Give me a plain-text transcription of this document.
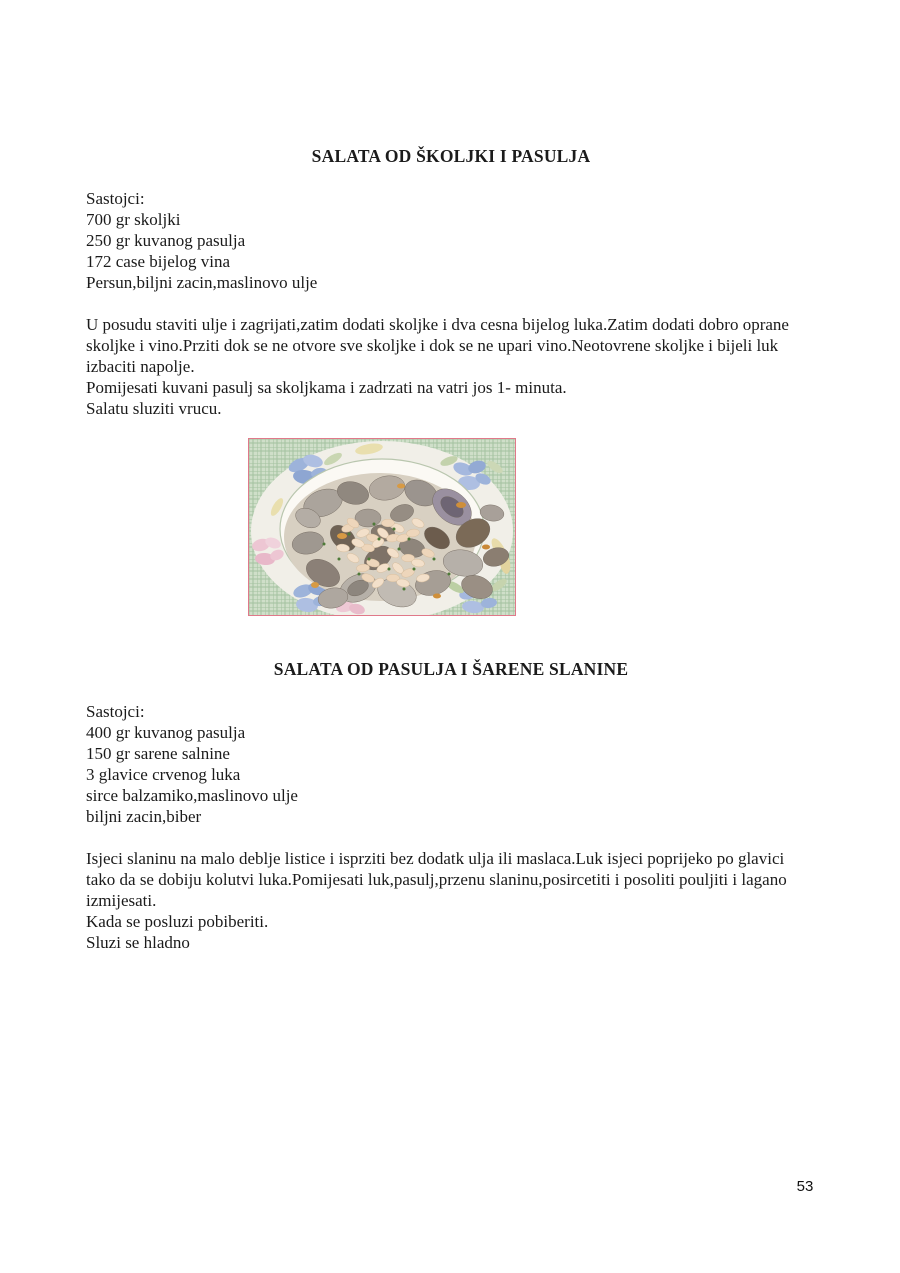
SALATA OD ŠKOLJKI I PASULJA
Sastojci:
700 gr skoljki
250 gr kuvanog pasulja
172 case bijelog vina
Persun,biljni zacin,maslinovo ulje
U posudu staviti ulje i zagrijati,zatim dodati skoljke i dva cesna bijelog luka.Zatim dodati dobro oprane skoljke i vino.Prziti dok se ne otvore sve skoljke i dok se ne upari vino.Neotovrene skoljke i bijeli luk izbaciti napolje.
Pomijesati kuvani pasulj sa skoljkama i zadrzati na vatri jos 1- minuta.
Salatu sluziti vrucu.
SALATA OD PASULJA I ŠARENE SLANINE
Sastojci:
400 gr kuvanog pasulja
150 gr sarene salnine
3 glavice crvenog luka
sirce balzamiko,maslinovo ulje
biljni zacin,biber
Isjeci slaninu na malo deblje listice i isprziti bez dodatk ulja ili maslaca.Luk isjeci poprijeko po glavici tako da se dobiju kolutvi luka.Pomijesati luk,pasulj,przenu slaninu,posircetiti i posoliti pouljiti i lagano izmijesati.
Kada se posluzi pobiberiti.
Sluzi se hladno
53
